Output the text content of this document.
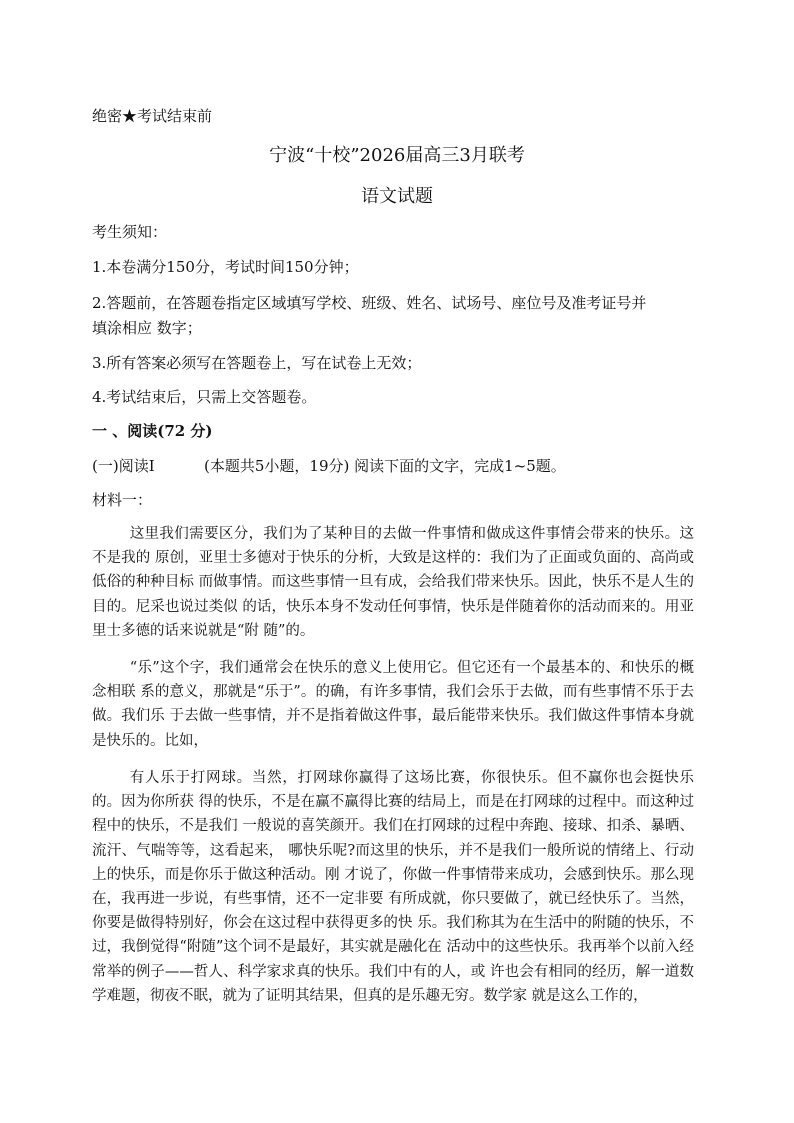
绝密★考试结束前
宁波“十校”2026届高三3月联考
语文试题
考生须知：
1.本卷满分150分，考试时间150分钟；
2.答题前，在答题卷指定区域填写学校、班级、姓名、试场号、座位号及准考证号并
填涂相应 数字；
3.所有答案必须写在答题卷上，写在试卷上无效；
4.考试结束后，只需上交答题卷。
一 、阅读(72 分)
(一)阅读Ⅰ	(本题共5小题，19分) 阅读下面的文字，完成1~5题。
材料一：

这里我们需要区分，我们为了某种目的去做一件事情和做成这件事情会带来的快乐。这不是我的 原创，亚里士多德对于快乐的分析，大致是这样的：我们为了正面或负面的、高尚或低俗的种种目标 而做事情。而这些事情一旦有成，会给我们带来快乐。因此，快乐不是人生的目的。尼采也说过类似 的话，快乐本身不发动任何事情，快乐是伴随着你的活动而来的。用亚里士多德的话来说就是“附 随”的。

“乐”这个字，我们通常会在快乐的意义上使用它。但它还有一个最基本的、和快乐的概念相联 系的意义，那就是“乐于”。的确，有许多事情，我们会乐于去做，而有些事情不乐于去做。我们乐 于去做一些事情，并不是指着做这件事，最后能带来快乐。我们做这件事情本身就是快乐的。比如，

有人乐于打网球。当然，打网球你赢得了这场比赛，你很快乐。但不赢你也会挺快乐的。因为你所获 得的快乐，不是在赢不赢得比赛的结局上，而是在打网球的过程中。而这种过程中的快乐，不是我们 一般说的喜笑颜开。我们在打网球的过程中奔跑、接球、扣杀、暴晒、流汗、气喘等等，这看起来， 哪快乐呢?而这里的快乐，并不是我们一般所说的情绪上、行动上的快乐，而是你乐于做这种活动。刚 才说了，你做一件事情带来成功，会感到快乐。那么现在，我再进一步说，有些事情，还不一定非要 有所成就，你只要做了，就已经快乐了。当然，你要是做得特别好，你会在这过程中获得更多的快 乐。我们称其为在生活中的附随的快乐，不过，我倒觉得“附随”这个词不是最好，其实就是融化在 活动中的这些快乐。我再举个以前入经常举的例子——哲人、科学家求真的快乐。我们中有的人，或 许也会有相同的经历，解一道数学难题，彻夜不眠，就为了证明其结果，但真的是乐趣无穷。数学家 就是这么工作的，
